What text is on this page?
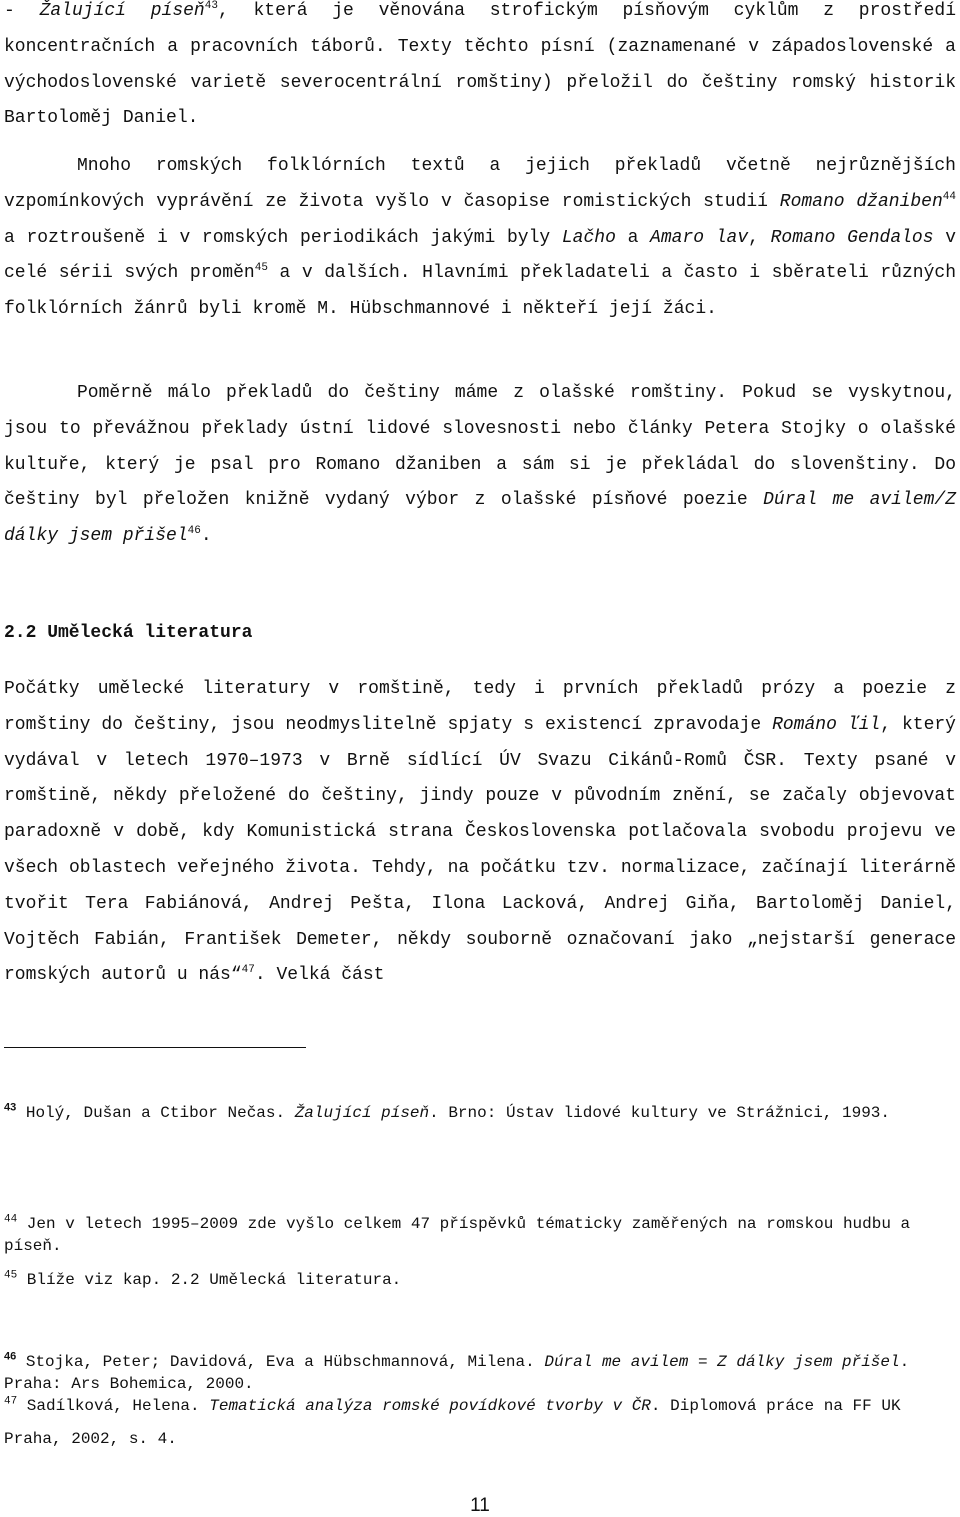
- Žalující píseň$^{43}$, která je věnována strofickým písňovým cyklům z prostředí koncentračních a pracovních táborů. Texty těchto písní (zaznamenané v západoslovenské a východoslovenské varietě severocentrální romštiny) přeložil do češtiny romský historik Bartoloměj Daniel.

Mnoho romských folklórních textů a jejich překladů včetně nejrůznějších vzpomínkových vyprávění ze života vyšlo v časopise romistických studií Romano džaniben$^{44}$ a roztroušeně i v romských periodikách jakými byly Lačho a Amaro lav, Romano Gendalos v celé sérii svých proměn$^{45}$ a v dalších. Hlavními překladateli a často i sběrateli různých folklórních žánrů byli kromě M. Hübschmannové i někteří její žáci.

Poměrně málo překladů do češtiny máme z olašské romštiny. Pokud se vyskytnou, jsou to převážnou překlady ústní lidové slovesnosti nebo články Petera Stojky o olašské kultuře, který je psal pro Romano džaniben a sám si je překládal do slovenštiny. Do češtiny byl přeložen knižně vydaný výbor z olašské písňové poezie Dúral me avilem/Z dálky jsem přišel$^{46}$.

2.2 Umělecká literatura

Počátky umělecké literatury v romštině, tedy i prvních překladů prózy a poezie z romštiny do češtiny, jsou neodmyslitelně spjaty s existencí zpravodaje Románo ľil, který vydával v letech 1970–1973 v Brně sídlící ÚV Svazu Cikánů-Romů ČSR. Texty psané v romštině, někdy přeložené do češtiny, jindy pouze v původním znění, se začaly objevovat paradoxně v době, kdy Komunistická strana Československa potlačovala svobodu projevu ve všech oblastech veřejného života. Tehdy, na počátku tzv. normalizace, začínají literárně tvořit Tera Fabiánová, Andrej Pešta, Ilona Lacková, Andrej Giňa, Bartoloměj Daniel, Vojtěch Fabián, František Demeter, někdy souborně označovaní jako „nejstarší generace romských autorů u nás“$^{47}$. Velká část

$^{43}$ Holý, Dušan a Ctibor Nečas. Žalující píseň. Brno: Ústav lidové kultury ve Strážnici, 1993.

$^{44}$ Jen v letech 1995–2009 zde vyšlo celkem 47 příspěvků tématicky zaměřených na romskou hudbu a píseň.

$^{45}$ Blíže viz kap. 2.2 Umělecká literatura.

$^{46}$ Stojka, Peter; Davidová, Eva a Hübschmannová, Milena. Dúral me avilem = Z dálky jsem přišel. Praha: Ars Bohemica, 2000.

$^{47}$ Sadílková, Helena. Tematická analýza romské povídkové tvorby v ČR. Diplomová práce na FF UK Praha, 2002, s. 4.

11
